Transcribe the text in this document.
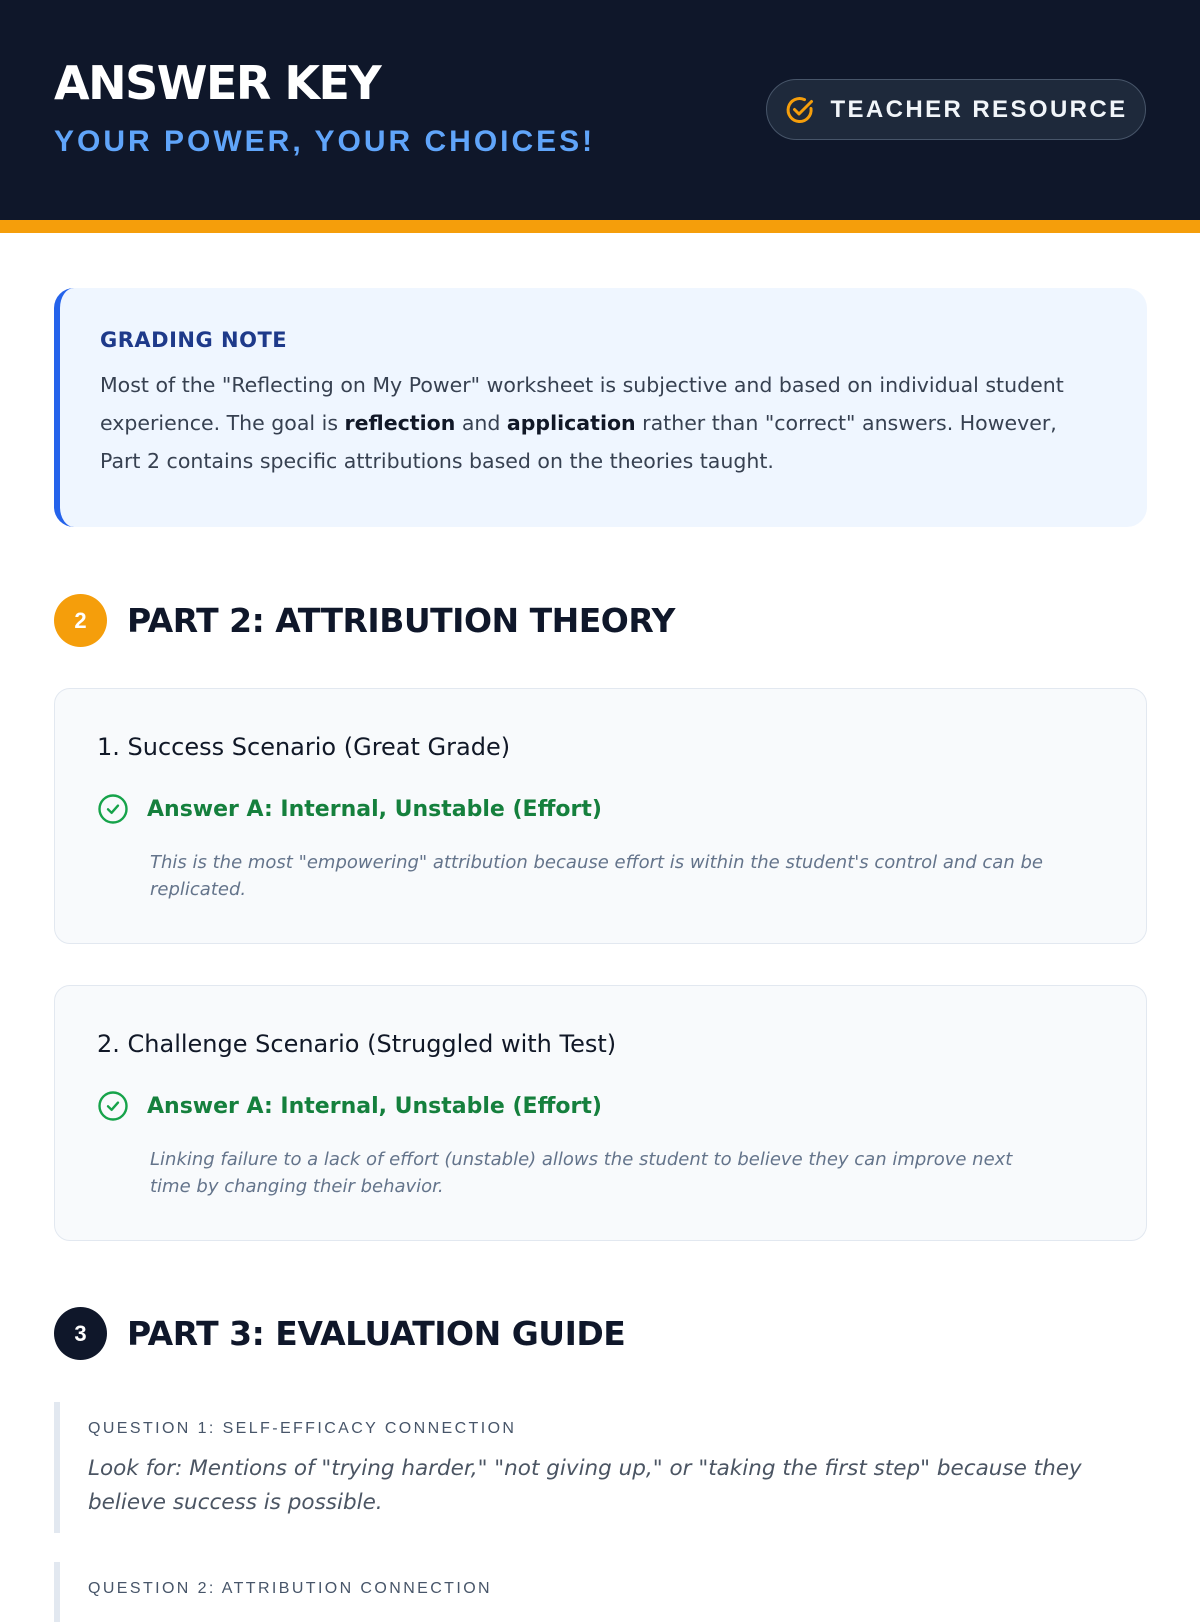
ANSWER KEY
YOUR POWER, YOUR CHOICES!
TEACHER RESOURCE
GRADING NOTE

Most of the "Reflecting on My Power" worksheet is subjective and based on individual student experience. The goal is reflection and application rather than "correct" answers. However, Part 2 contains specific attributions based on the theories taught.

2	PART 2: ATTRIBUTION THEORY
1. Success Scenario (Great Grade)
Answer A: Internal, Unstable (Effort)

This is the most "empowering" attribution because effort is within the student's control and can be replicated.

2. Challenge Scenario (Struggled with Test)
Answer A: Internal, Unstable (Effort)

Linking failure to a lack of effort (unstable) allows the student to believe they can improve next time by changing their behavior.

3	PART 3: EVALUATION GUIDE

QUESTION 1: SELF-EFFICACY CONNECTION

Look for: Mentions of "trying harder," "not giving up," or "taking the first step" because they believe success is possible.

QUESTION 2: ATTRIBUTION CONNECTION
